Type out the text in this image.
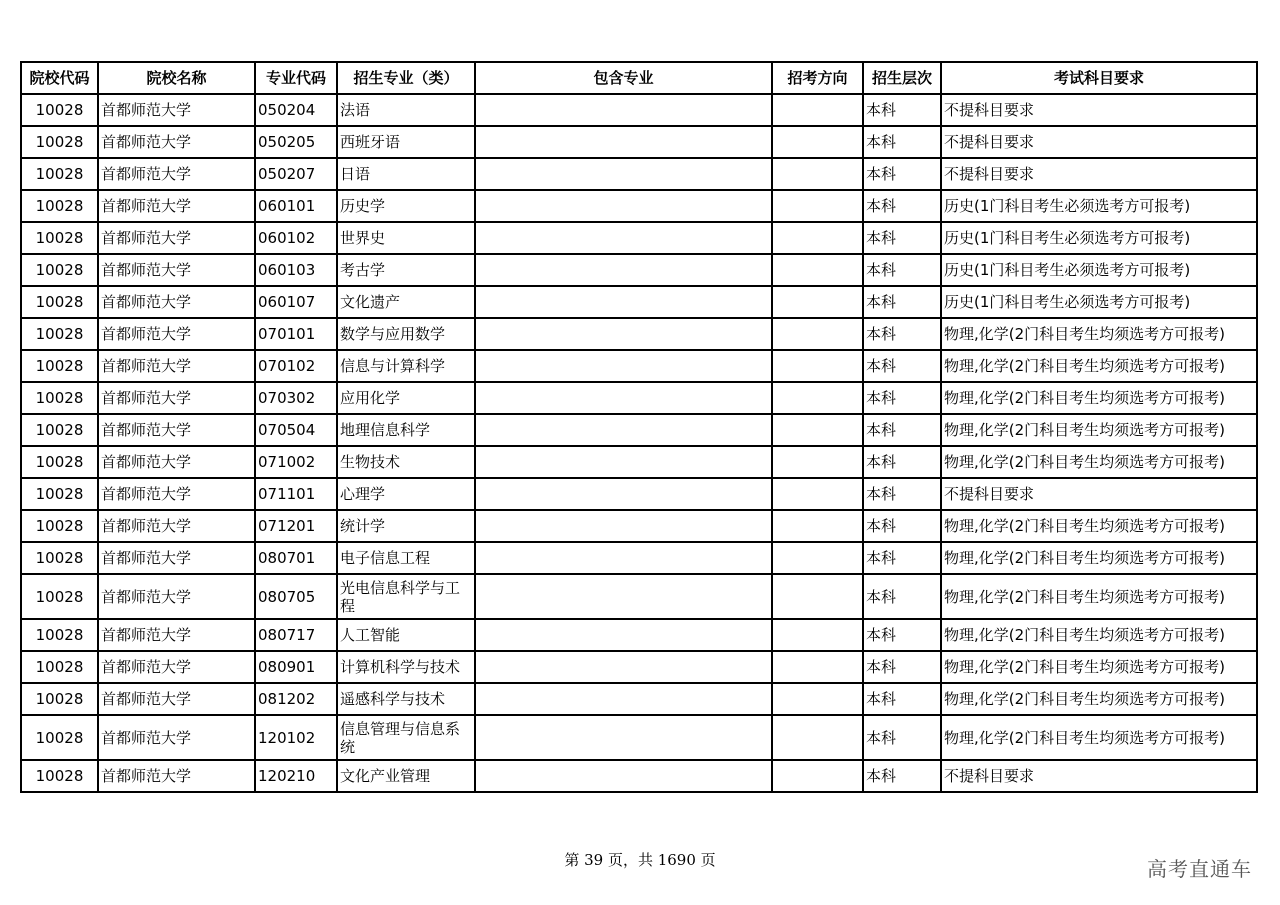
院校代码	院校名称	专业代码	招生专业（类）	包含专业	招考方向	招生层次	考试科目要求
10028	首都师范大学	050204	法语			本科	不提科目要求
10028	首都师范大学	050205	西班牙语			本科	不提科目要求
10028	首都师范大学	050207	日语			本科	不提科目要求
10028	首都师范大学	060101	历史学			本科	历史(1门科目考生必须选考方可报考)
10028	首都师范大学	060102	世界史			本科	历史(1门科目考生必须选考方可报考)
10028	首都师范大学	060103	考古学			本科	历史(1门科目考生必须选考方可报考)
10028	首都师范大学	060107	文化遗产			本科	历史(1门科目考生必须选考方可报考)
10028	首都师范大学	070101	数学与应用数学			本科	物理,化学(2门科目考生均须选考方可报考)
10028	首都师范大学	070102	信息与计算科学			本科	物理,化学(2门科目考生均须选考方可报考)
10028	首都师范大学	070302	应用化学			本科	物理,化学(2门科目考生均须选考方可报考)
10028	首都师范大学	070504	地理信息科学			本科	物理,化学(2门科目考生均须选考方可报考)
10028	首都师范大学	071002	生物技术			本科	物理,化学(2门科目考生均须选考方可报考)
10028	首都师范大学	071101	心理学			本科	不提科目要求
10028	首都师范大学	071201	统计学			本科	物理,化学(2门科目考生均须选考方可报考)
10028	首都师范大学	080701	电子信息工程			本科	物理,化学(2门科目考生均须选考方可报考)
10028	首都师范大学	080705	光电信息科学与工程			本科	物理,化学(2门科目考生均须选考方可报考)
10028	首都师范大学	080717	人工智能			本科	物理,化学(2门科目考生均须选考方可报考)
10028	首都师范大学	080901	计算机科学与技术			本科	物理,化学(2门科目考生均须选考方可报考)
10028	首都师范大学	081202	遥感科学与技术			本科	物理,化学(2门科目考生均须选考方可报考)
10028	首都师范大学	120102	信息管理与信息系统			本科	物理,化学(2门科目考生均须选考方可报考)
10028	首都师范大学	120210	文化产业管理			本科	不提科目要求
第 39 页，共 1690 页	高考直通车
